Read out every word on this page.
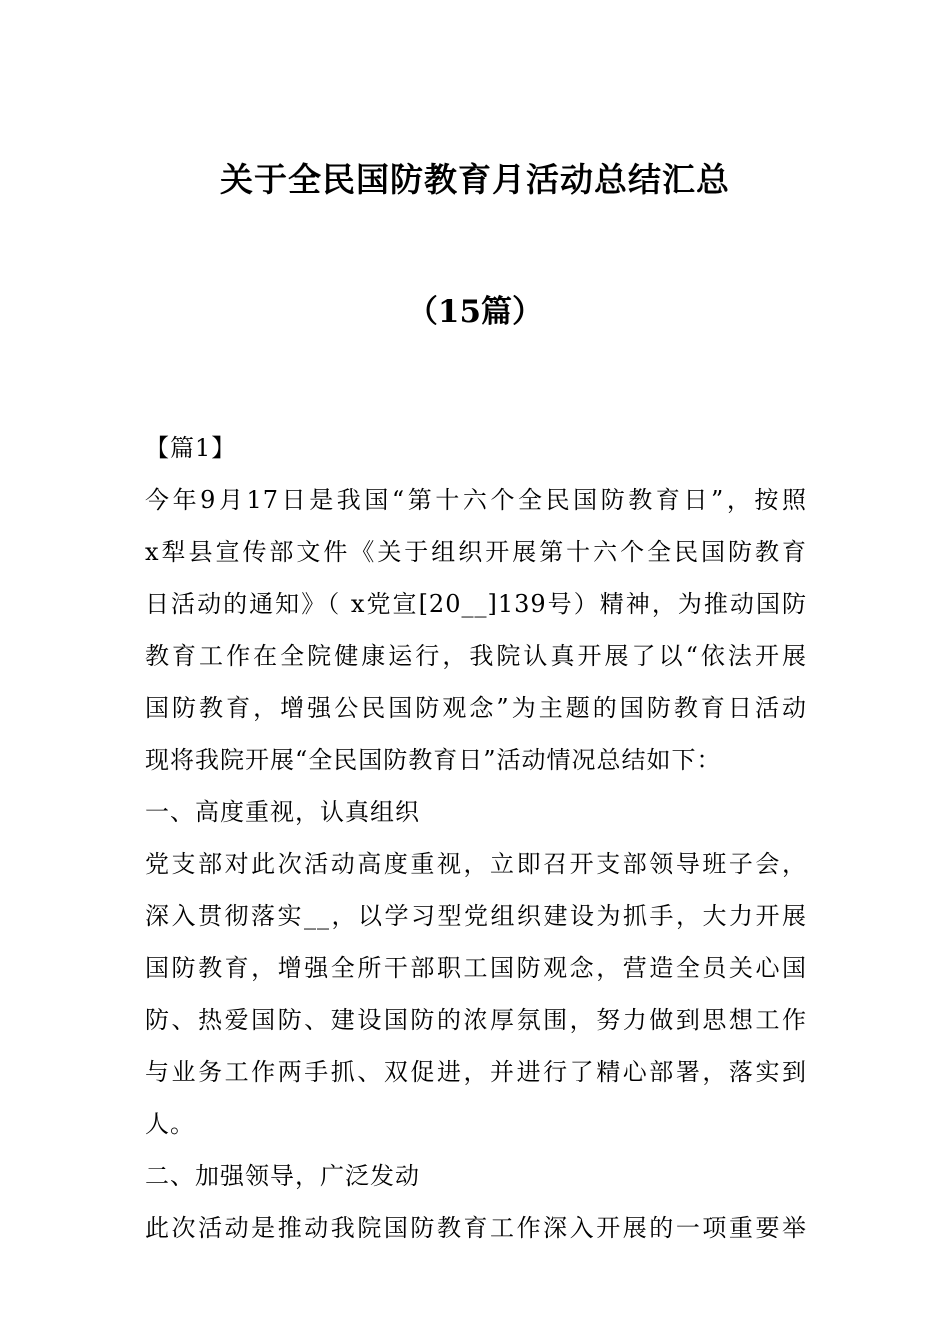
关于全民国防教育月活动总结汇总
（15篇）
【篇1】
今年9月17日是我国“第十六个全民国防教育日”，按照
x犁县宣传部文件《关于组织开展第十六个全民国防教育
日活动的通知》（ x党宣[20__]139号）精神，为推动国防
教育工作在全院健康运行，我院认真开展了以“依法开展
国防教育，增强公民国防观念”为主题的国防教育日活动
现将我院开展“全民国防教育日”活动情况总结如下：
一、高度重视，认真组织
党支部对此次活动高度重视，立即召开支部领导班子会，
深入贯彻落实__，以学习型党组织建设为抓手，大力开展
国防教育，增强全所干部职工国防观念，营造全员关心国
防、热爱国防、建设国防的浓厚氛围，努力做到思想工作
与业务工作两手抓、双促进，并进行了精心部署，落实到
人。
二、加强领导，广泛发动
此次活动是推动我院国防教育工作深入开展的一项重要举
